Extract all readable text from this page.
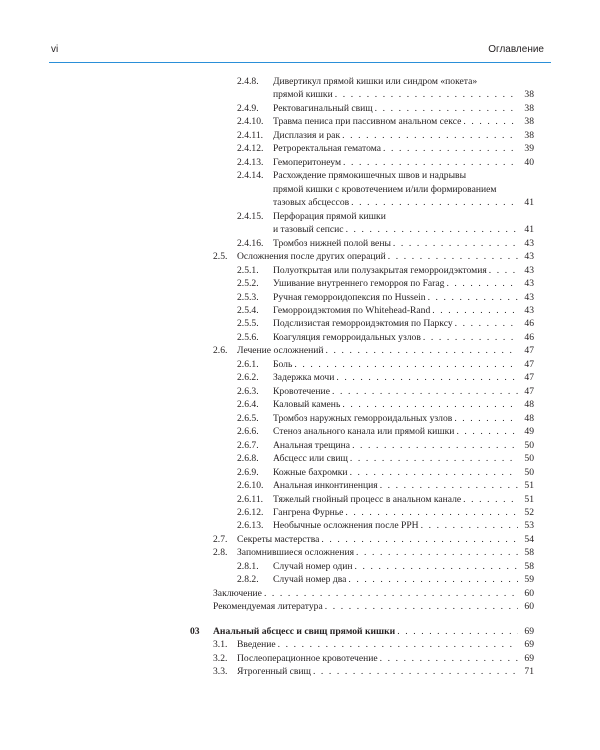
vi	Оглавление
2.4.8. Дивертикул прямой кишки или синдром «покета»
прямой кишки . . .	38
2.4.9. Ректовагинальный свищ . . .	38
2.4.10. Травма пениса при пассивном анальном сексе . . .	38
2.4.11. Дисплазия и рак . . .	38
2.4.12. Ретроректальная гематома . . .	39
2.4.13. Гемоперитонеум . . .	40
2.4.14. Расхождение прямокишечных швов и надрывы
прямой кишки с кровотечением и/или формированием
тазовых абсцессов . . .	41
2.4.15. Перфорация прямой кишки
и тазовый сепсис . . .	41
2.4.16. Тромбоз нижней полой вены . . .	43
2.5. Осложнения после других операций . . .	43
2.5.1. Полуоткрытая или полузакрытая геморроидэктомия . . .	43
2.5.2. Ушивание внутреннего геморроя по Farag . . .	43
2.5.3. Ручная геморроидопексия по Hussein . . .	43
2.5.4. Геморроидэктомия по Whitehead-Rand . . .	43
2.5.5. Подслизистая геморроидэктомия по Парксу . . .	46
2.5.6. Коагуляция геморроидальных узлов . . .	46
2.6. Лечение осложнений . . .	47
2.6.1. Боль . . .	47
2.6.2. Задержка мочи . . .	47
2.6.3. Кровотечение . . .	47
2.6.4. Каловый камень . . .	48
2.6.5. Тромбоз наружных геморроидальных узлов . . .	48
2.6.6. Стеноз анального канала или прямой кишки . . .	49
2.6.7. Анальная трещина . . .	50
2.6.8. Абсцесс или свищ . . .	50
2.6.9. Кожные бахромки . . .	50
2.6.10. Анальная инконтиненция . . .	51
2.6.11. Тяжелый гнойный процесс в анальном канале . . .	51
2.6.12. Гангрена Фурнье . . .	52
2.6.13. Необычные осложнения после PPH . . .	53
2.7. Секреты мастерства . . .	54
2.8. Запомнившиеся осложнения . . .	58
2.8.1. Случай номер один . . .	58
2.8.2. Случай номер два . . .	59
Заключение . . .	60
Рекомендуемая литература . . .	60
03 Анальный абсцесс и свищ прямой кишки . . .	69
3.1. Введение . . .	69
3.2. Послеоперационное кровотечение . . .	69
3.3. Ятрогенный свищ . . .	71
